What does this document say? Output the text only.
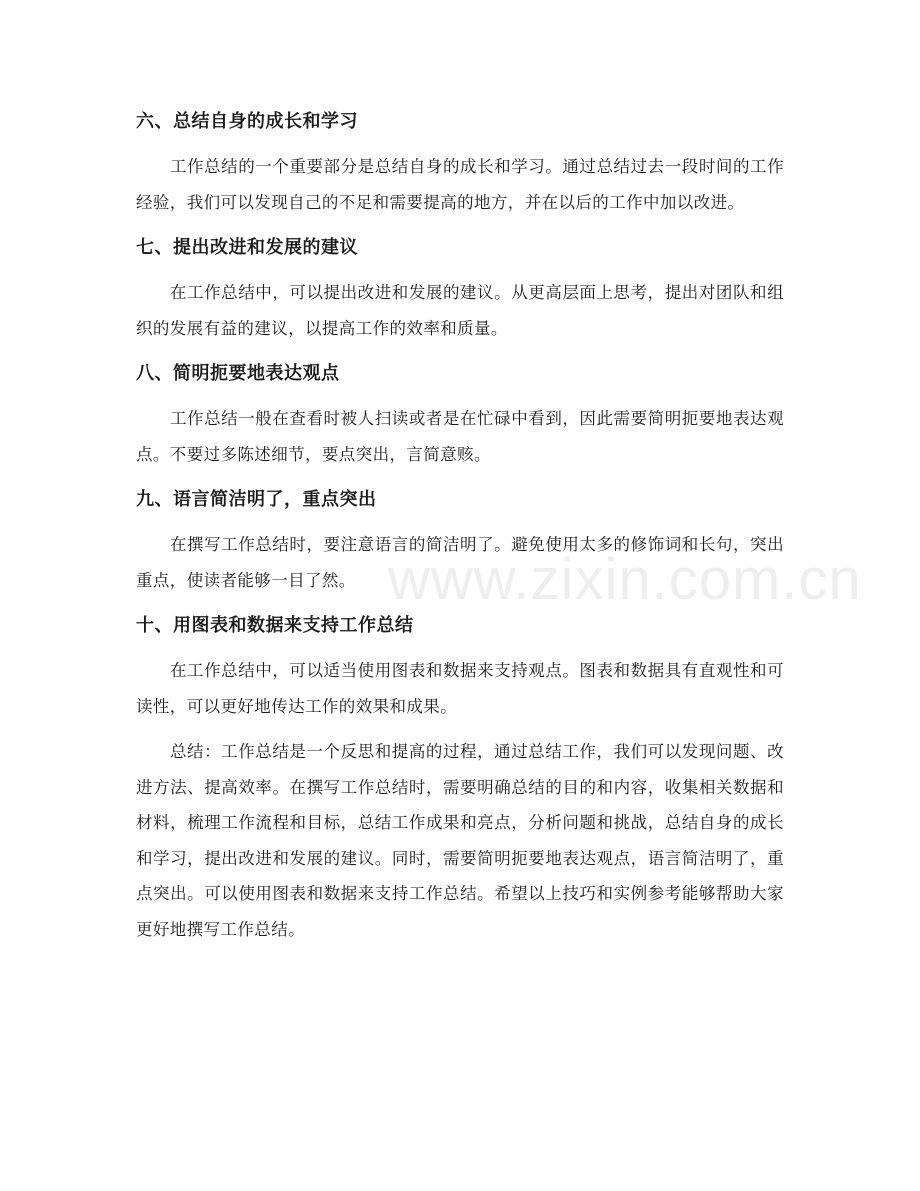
六、总结自身的成长和学习

工作总结的一个重要部分是总结自身的成长和学习。通过总结过去一段时间的工作经验，我们可以发现自己的不足和需要提高的地方，并在以后的工作中加以改进。

七、提出改进和发展的建议

在工作总结中，可以提出改进和发展的建议。从更高层面上思考，提出对团队和组织的发展有益的建议，以提高工作的效率和质量。

八、简明扼要地表达观点

工作总结一般在查看时被人扫读或者是在忙碌中看到，因此需要简明扼要地表达观点。不要过多陈述细节，要点突出，言简意赅。

九、语言简洁明了，重点突出

在撰写工作总结时，要注意语言的简洁明了。避免使用太多的修饰词和长句，突出重点，使读者能够一目了然。

十、用图表和数据来支持工作总结

在工作总结中，可以适当使用图表和数据来支持观点。图表和数据具有直观性和可读性，可以更好地传达工作的效果和成果。

总结：工作总结是一个反思和提高的过程，通过总结工作，我们可以发现问题、改进方法、提高效率。在撰写工作总结时，需要明确总结的目的和内容，收集相关数据和材料，梳理工作流程和目标，总结工作成果和亮点，分析问题和挑战，总结自身的成长和学习，提出改进和发展的建议。同时，需要简明扼要地表达观点，语言简洁明了，重点突出。可以使用图表和数据来支持工作总结。希望以上技巧和实例参考能够帮助大家更好地撰写工作总结。

www.zixin.com.cn
